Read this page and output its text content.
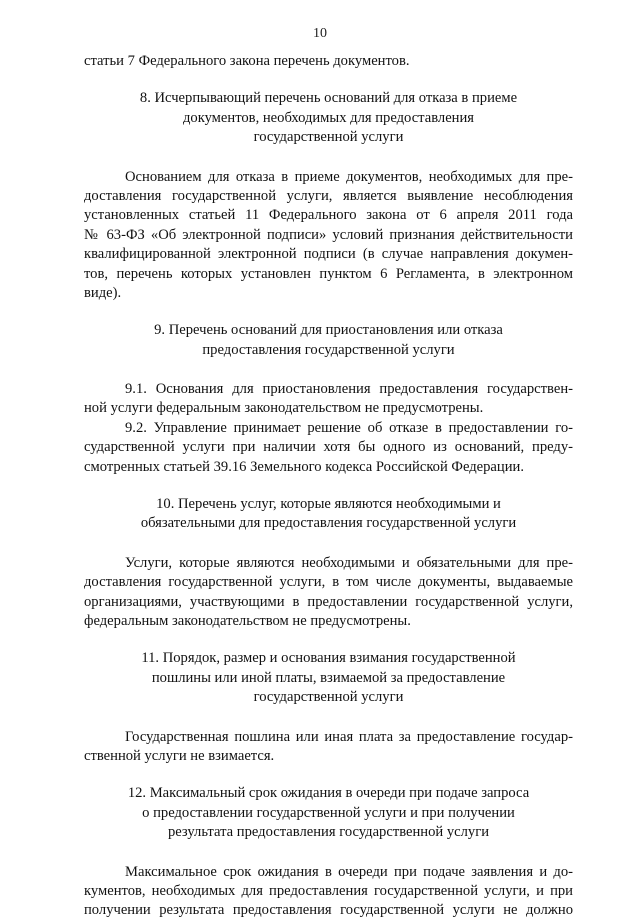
10
статьи 7 Федерального закона перечень документов.
8. Исчерпывающий перечень оснований для отказа в приеме
документов, необходимых для предоставления
государственной услуги
Основанием для отказа в приеме документов, необходимых для пре-
доставления государственной услуги, является выявление несоблюдения
установленных статьей 11 Федерального закона от 6 апреля 2011 года
№ 63-ФЗ «Об электронной подписи» условий признания действительности
квалифицированной электронной подписи (в случае направления докумен-
тов, перечень которых установлен пунктом 6 Регламента, в электронном
виде).
9. Перечень оснований для приостановления или отказа
предоставления государственной услуги
9.1. Основания для приостановления предоставления государствен-
ной услуги федеральным законодательством не предусмотрены.
9.2. Управление принимает решение об отказе в предоставлении го-
сударственной услуги при наличии хотя бы одного из оснований, преду-
смотренных статьей 39.16 Земельного кодекса Российской Федерации.
10. Перечень услуг, которые являются необходимыми и
обязательными для предоставления государственной услуги
Услуги, которые являются необходимыми и обязательными для пре-
доставления государственной услуги, в том числе документы, выдаваемые
организациями, участвующими в предоставлении государственной услуги,
федеральным законодательством не предусмотрены.
11. Порядок, размер и основания взимания государственной
пошлины или иной платы, взимаемой за предоставление
государственной услуги
Государственная пошлина или иная плата за предоставление государ-
ственной услуги не взимается.
12. Максимальный срок ожидания в очереди при подаче запроса
о предоставлении государственной услуги и при получении
результата предоставления государственной услуги
Максимальное срок ожидания в очереди при подаче заявления и до-
кументов, необходимых для предоставления государственной услуги, и при
получении результата предоставления государственной услуги не должно
